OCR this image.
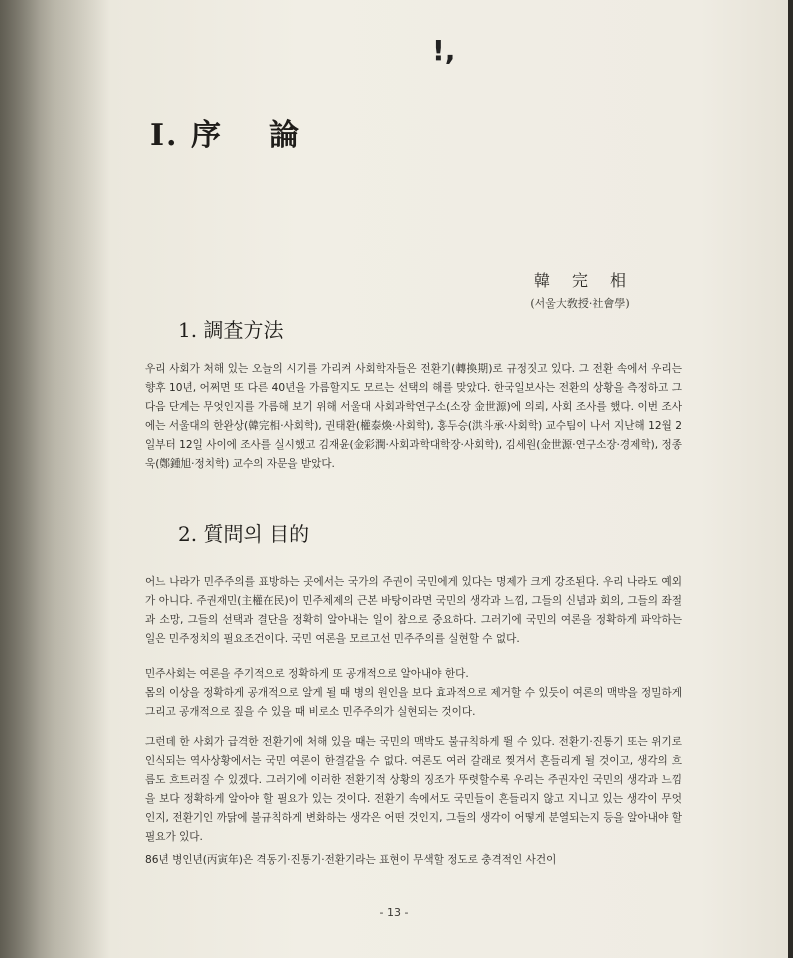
!,
I. 序 論
韓完相
(서울大敎授·社會學)
1. 調査方法

우리 사회가 처해 있는 오늘의 시기를 가리켜 사회학자들은 전환기(轉換期)로 규정짓고 있다. 그 전환 속에서 우리는 향후 10년, 어쩌면 또 다른 40년을 가름할지도 모르는 선택의 해를 맞았다. 한국일보사는 전환의 상황을 측정하고 그 다음 단계는 무엇인지를 가름해 보기 위해 서울대 사회과학연구소(소장 金世源)에 의뢰, 사회 조사를 했다. 이번 조사에는 서울대의 한완상(韓完相·사회학), 권태환(權泰煥·사회학), 홍두승(洪斗承·사회학) 교수팀이 나서 지난해 12월 2일부터 12일 사이에 조사를 실시했고 김재윤(金彩潤·사회과학대학장·사회학), 김세원(金世源·연구소장·경제학), 정종욱(鄭鍾旭·정치학) 교수의 자문을 받았다.

2. 質問의 目的

어느 나라가 민주주의를 표방하는 곳에서는 국가의 주권이 국민에게 있다는 명제가 크게 강조된다. 우리 나라도 예외가 아니다. 주권재민(主權在民)이 민주체제의 근본 바탕이라면 국민의 생각과 느낌, 그들의 신념과 회의, 그들의 좌절과 소망, 그들의 선택과 결단을 정확히 알아내는 일이 참으로 중요하다. 그러기에 국민의 여론을 정확하게 파악하는 일은 민주정치의 필요조건이다. 국민 여론을 모르고선 민주주의를 실현할 수 없다.

민주사회는 여론을 주기적으로 정확하게 또 공개적으로 알아내야 한다.

몸의 이상을 정확하게 공개적으로 알게 될 때 병의 원인을 보다 효과적으로 제거할 수 있듯이 여론의 맥박을 정밀하게 그리고 공개적으로 짚을 수 있을 때 비로소 민주주의가 실현되는 것이다.

그런데 한 사회가 급격한 전환기에 처해 있을 때는 국민의 맥박도 불규칙하게 뛸 수 있다. 전환기·진통기 또는 위기로 인식되는 역사상황에서는 국민 여론이 한결같을 수 없다. 여론도 여러 갈래로 찢겨서 흔들리게 될 것이고, 생각의 흐름도 흐트러질 수 있겠다. 그러기에 이러한 전환기적 상황의 징조가 뚜렷할수록 우리는 주권자인 국민의 생각과 느낌을 보다 정확하게 알아야 할 필요가 있는 것이다. 전환기 속에서도 국민들이 흔들리지 않고 지니고 있는 생각이 무엇인지, 전환기인 까닭에 불규칙하게 변화하는 생각은 어떤 것인지, 그들의 생각이 어떻게 분열되는지 등을 알아내야 할 필요가 있다.

86년 병인년(丙寅年)은 격동기·진통기·전환기라는 표현이 무색할 정도로 충격적인 사건이

- 13 -
